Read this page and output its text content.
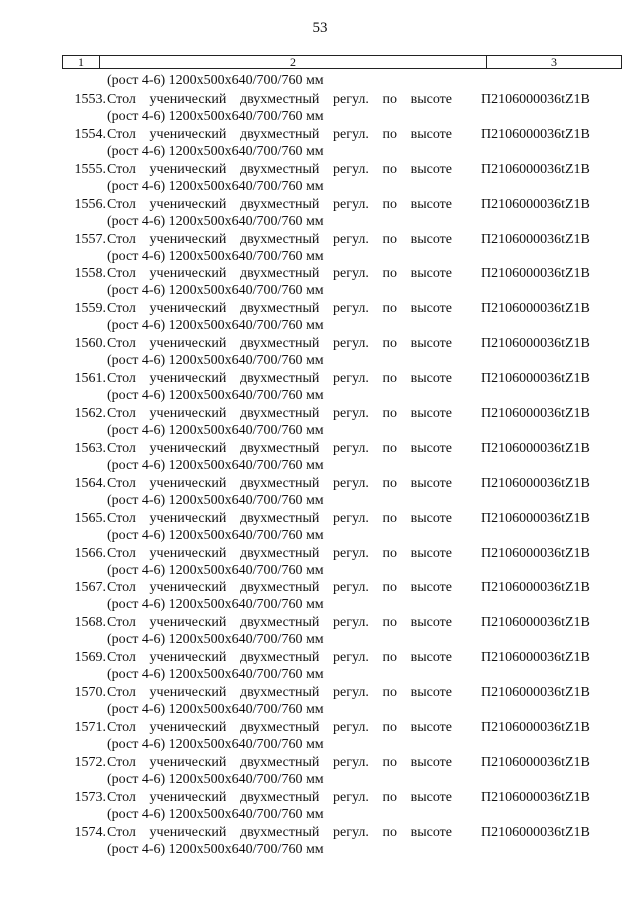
53
1	2	3
(рост 4-6) 1200х500х640/700/760 мм
1553. Стол ученический двухместный регул. по высоте
(рост 4-6) 1200х500х640/700/760 мм
П2106000036tZ1B
1554. Стол ученический двухместный регул. по высоте
(рост 4-6) 1200х500х640/700/760 мм
П2106000036tZ1B
1555. Стол ученический двухместный регул. по высоте
(рост 4-6) 1200х500х640/700/760 мм
П2106000036tZ1B
1556. Стол ученический двухместный регул. по высоте
(рост 4-6) 1200х500х640/700/760 мм
П2106000036tZ1B
1557. Стол ученический двухместный регул. по высоте
(рост 4-6) 1200х500х640/700/760 мм
П2106000036tZ1B
1558. Стол ученический двухместный регул. по высоте
(рост 4-6) 1200х500х640/700/760 мм
П2106000036tZ1B
1559. Стол ученический двухместный регул. по высоте
(рост 4-6) 1200х500х640/700/760 мм
П2106000036tZ1B
1560. Стол ученический двухместный регул. по высоте
(рост 4-6) 1200х500х640/700/760 мм
П2106000036tZ1B
1561. Стол ученический двухместный регул. по высоте
(рост 4-6) 1200х500х640/700/760 мм
П2106000036tZ1B
1562. Стол ученический двухместный регул. по высоте
(рост 4-6) 1200х500х640/700/760 мм
П2106000036tZ1B
1563. Стол ученический двухместный регул. по высоте
(рост 4-6) 1200х500х640/700/760 мм
П2106000036tZ1B
1564. Стол ученический двухместный регул. по высоте
(рост 4-6) 1200х500х640/700/760 мм
П2106000036tZ1B
1565. Стол ученический двухместный регул. по высоте
(рост 4-6) 1200х500х640/700/760 мм
П2106000036tZ1B
1566. Стол ученический двухместный регул. по высоте
(рост 4-6) 1200х500х640/700/760 мм
П2106000036tZ1B
1567. Стол ученический двухместный регул. по высоте
(рост 4-6) 1200х500х640/700/760 мм
П2106000036tZ1B
1568. Стол ученический двухместный регул. по высоте
(рост 4-6) 1200х500х640/700/760 мм
П2106000036tZ1B
1569. Стол ученический двухместный регул. по высоте
(рост 4-6) 1200х500х640/700/760 мм
П2106000036tZ1B
1570. Стол ученический двухместный регул. по высоте
(рост 4-6) 1200х500х640/700/760 мм
П2106000036tZ1B
1571. Стол ученический двухместный регул. по высоте
(рост 4-6) 1200х500х640/700/760 мм
П2106000036tZ1B
1572. Стол ученический двухместный регул. по высоте
(рост 4-6) 1200х500х640/700/760 мм
П2106000036tZ1B
1573. Стол ученический двухместный регул. по высоте
(рост 4-6) 1200х500х640/700/760 мм
П2106000036tZ1B
1574. Стол ученический двухместный регул. по высоте
(рост 4-6) 1200х500х640/700/760 мм
П2106000036tZ1B
